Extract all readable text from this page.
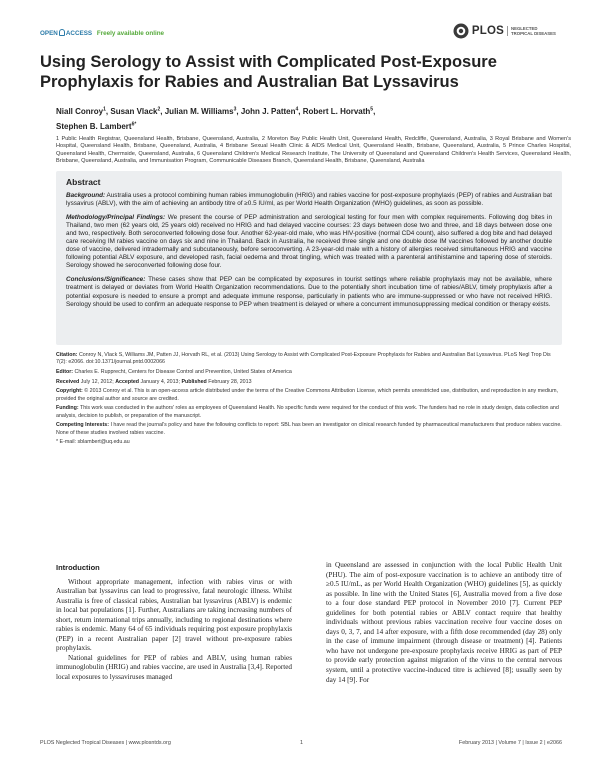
OPEN ACCESS Freely available online	PLOS NEGLECTED
TROPICAL DISEASES
Using Serology to Assist with Complicated Post-Exposure Prophylaxis for Rabies and Australian Bat Lyssavirus
Niall Conroy$^1$, Susan Vlack$^2$, Julian M. Williams$^3$, John J. Patten$^4$, Robert L. Horvath$^5$,
Stephen B. Lambert$^{6*}$

1 Public Health Registrar, Queensland Health, Brisbane, Queensland, Australia, 2 Moreton Bay Public Health Unit, Queensland Health, Redcliffe, Queensland, Australia, 3 Royal Brisbane and Women's Hospital, Queensland Health, Brisbane, Queensland, Australia, 4 Brisbane Sexual Health Clinic & AIDS Medical Unit, Queensland Health, Brisbane, Queensland, Australia, 5 Prince Charles Hospital, Queensland Health, Chermside, Queensland, Australia, 6 Queensland Children's Medical Research Institute, The University of Queensland and Queensland Children's Health Services, Queensland Health, Brisbane, Queensland, Australia, and Immunisation Program, Communicable Diseases Branch, Queensland Health, Brisbane, Queensland, Australia

Abstract

Background: Australia uses a protocol combining human rabies immunoglobulin (HRIG) and rabies vaccine for post-exposure prophylaxis (PEP) of rabies and Australian bat lyssavirus (ABLV), with the aim of achieving an antibody titre of ≥0.5 IU/ml, as per World Health Organization (WHO) guidelines, as soon as possible.

Methodology/Principal Findings: We present the course of PEP administration and serological testing for four men with complex requirements. Following dog bites in Thailand, two men (62 years old, 25 years old) received no HRIG and had delayed vaccine courses: 23 days between dose two and three, and 18 days between dose one and two, respectively. Both seroconverted following dose four. Another 62-year-old male, who was HIV-positive (normal CD4 count), also suffered a dog bite and had delayed care receiving IM rabies vaccine on days six and nine in Thailand. Back in Australia, he received three single and one double dose IM vaccines followed by another double dose of vaccine, delivered intradermally and subcutaneously, before seroconverting. A 23-year-old male with a history of allergies received simultaneous HRIG and vaccine following potential ABLV exposure, and developed rash, facial oedema and throat tingling, which was treated with a parenteral antihistamine and tapering dose of steroids. Serology showed he seroconverted following dose four.

Conclusions/Significance: These cases show that PEP can be complicated by exposures in tourist settings where reliable prophylaxis may not be available, where treatment is delayed or deviates from World Health Organization recommendations. Due to the potentially short incubation time of rabies/ABLV, timely prophylaxis after a potential exposure is needed to ensure a prompt and adequate immune response, particularly in patients who are immune-suppressed or who have not received HRIG. Serology should be used to confirm an adequate response to PEP when treatment is delayed or where a concurrent immunosuppressing medical condition or therapy exists.

Citation: Conroy N, Vlack S, Williams JM, Patten JJ, Horvath RL, et al. (2013) Using Serology to Assist with Complicated Post-Exposure Prophylaxis for Rabies and Australian Bat Lyssavirus. PLoS Negl Trop Dis 7(2): e2066. doi:10.1371/journal.pntd.0002066

Editor: Charles E. Rupprecht, Centers for Disease Control and Prevention, United States of America

Received July 12, 2012; Accepted January 4, 2013; Published February 28, 2013

Copyright: © 2013 Conroy et al. This is an open-access article distributed under the terms of the Creative Commons Attribution License, which permits unrestricted use, distribution, and reproduction in any medium, provided the original author and source are credited.

Funding: This work was conducted in the authors' roles as employees of Queensland Health. No specific funds were required for the conduct of this work. The funders had no role in study design, data collection and analysis, decision to publish, or preparation of the manuscript.

Competing Interests: I have read the journal's policy and have the following conflicts to report: SBL has been an investigator on clinical research funded by pharmaceutical manufacturers that produce rabies vaccine. None of these studies involved rabies vaccine.

* E-mail: sblambert@uq.edu.au

Introduction

Without appropriate management, infection with rabies virus or with Australian bat lyssavirus can lead to progressive, fatal neurologic illness. Whilst Australia is free of classical rabies, Australian bat lyssavirus (ABLV) is endemic in local bat populations [1]. Further, Australians are taking increasing numbers of short, return international trips annually, including to regional destinations where rabies is endemic. Many 64 of 65 individuals requiring post exposure prophylaxis (PEP) in a recent Australian paper [2] travel without pre-exposure rabies prophylaxis.

National guidelines for PEP of rabies and ABLV, using human rabies immunoglobulin (HRIG) and rabies vaccine, are used in Australia [3,4]. Reported local exposures to lyssaviruses managed

in Queensland are assessed in conjunction with the local Public Health Unit (PHU). The aim of post-exposure vaccination is to achieve an antibody titre of ≥0.5 IU/mL, as per World Health Organization (WHO) guidelines [5], as quickly as possible. In line with the United States [6], Australia moved from a five dose to a four dose standard PEP protocol in November 2010 [7]. Current PEP guidelines for both potential rabies or ABLV contact require that healthy individuals without previous rabies vaccination receive four vaccine doses on days 0, 3, 7, and 14 after exposure, with a fifth dose recommended (day 28) only in the case of immune impairment (through disease or treatment) [4]. Patients who have not undergone pre-exposure prophylaxis receive HRIG as part of PEP to provide early protection against migration of the virus to the central nervous system, until a protective vaccine-induced titre is achieved [8]; usually seen by day 14 [9]. For

PLOS Neglected Tropical Diseases | www.plosntds.org	1	February 2013 | Volume 7 | Issue 2 | e2066
